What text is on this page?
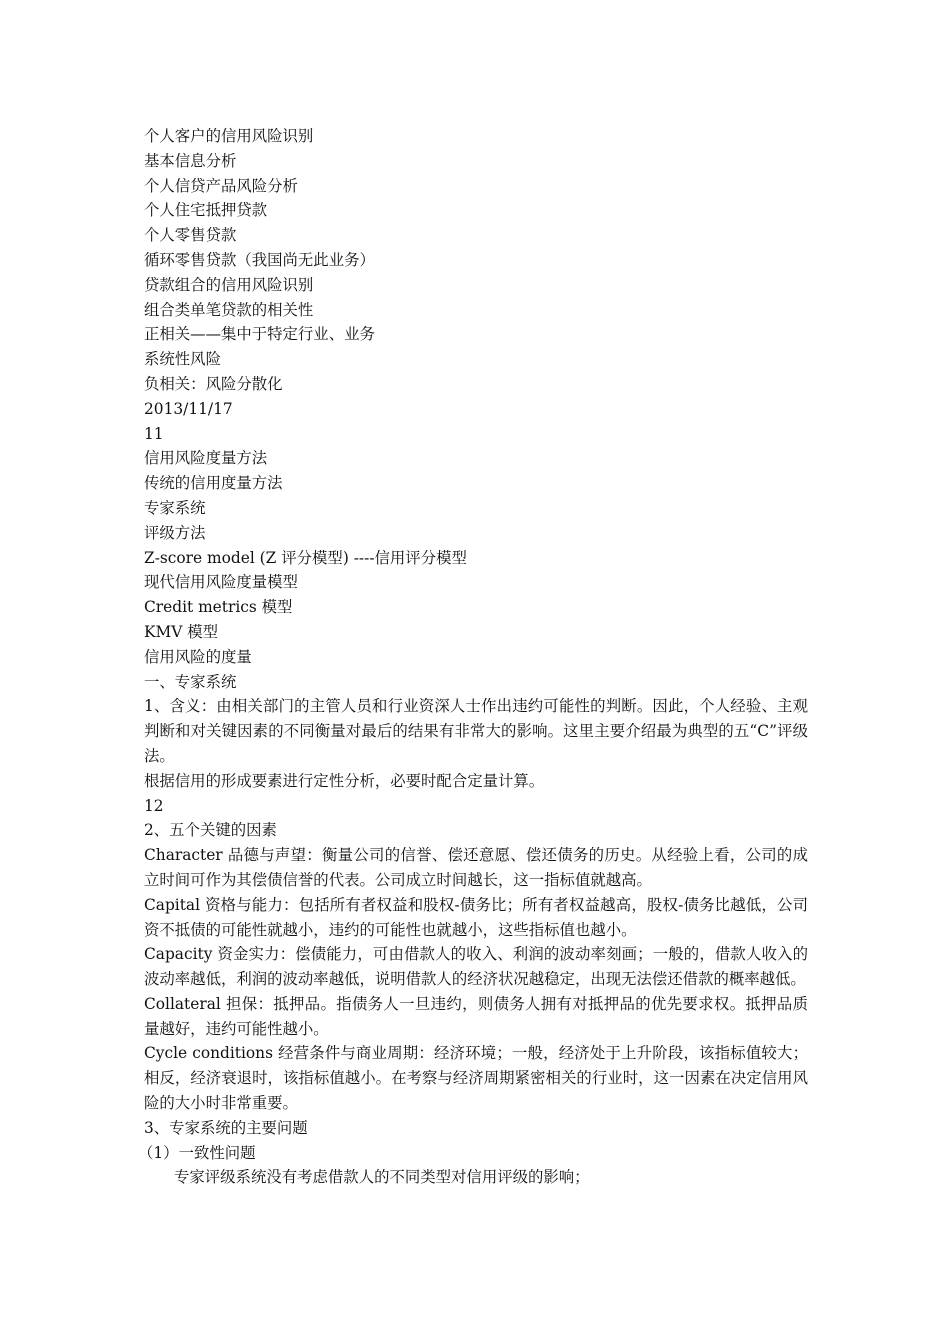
个人客户的信用风险识别
基本信息分析
个人信贷产品风险分析
个人住宅抵押贷款
个人零售贷款
循环零售贷款（我国尚无此业务）
贷款组合的信用风险识别
组合类单笔贷款的相关性
正相关——集中于特定行业、业务
系统性风险
负相关：风险分散化
2013/11/17
11
信用风险度量方法
传统的信用度量方法
专家系统
评级方法
Z-score model (Z 评分模型) ----信用评分模型
现代信用风险度量模型
Credit metrics 模型
KMV 模型
信用风险的度量
一、专家系统
1、含义：由相关部门的主管人员和行业资深人士作出违约可能性的判断。因此，个人经验、主观判断和对关键因素的不同衡量对最后的结果有非常大的影响。这里主要介绍最为典型的五“C”评级法。
根据信用的形成要素进行定性分析，必要时配合定量计算。
12
2、五个关键的因素
Character 品德与声望：衡量公司的信誉、偿还意愿、偿还债务的历史。从经验上看，公司的成立时间可作为其偿债信誉的代表。公司成立时间越长，这一指标值就越高。
Capital 资格与能力：包括所有者权益和股权-债务比；所有者权益越高，股权-债务比越低，公司资不抵债的可能性就越小，违约的可能性也就越小，这些指标值也越小。
Capacity 资金实力：偿债能力，可由借款人的收入、利润的波动率刻画；一般的，借款人收入的波动率越低，利润的波动率越低，说明借款人的经济状况越稳定，出现无法偿还借款的概率越低。
Collateral 担保：抵押品。指债务人一旦违约，则债务人拥有对抵押品的优先要求权。抵押品质量越好，违约可能性越小。
Cycle conditions 经营条件与商业周期：经济环境；一般，经济处于上升阶段，该指标值较大；相反，经济衰退时，该指标值越小。在考察与经济周期紧密相关的行业时，这一因素在决定信用风险的大小时非常重要。
3、专家系统的主要问题
（1）一致性问题
专家评级系统没有考虑借款人的不同类型对信用评级的影响；
